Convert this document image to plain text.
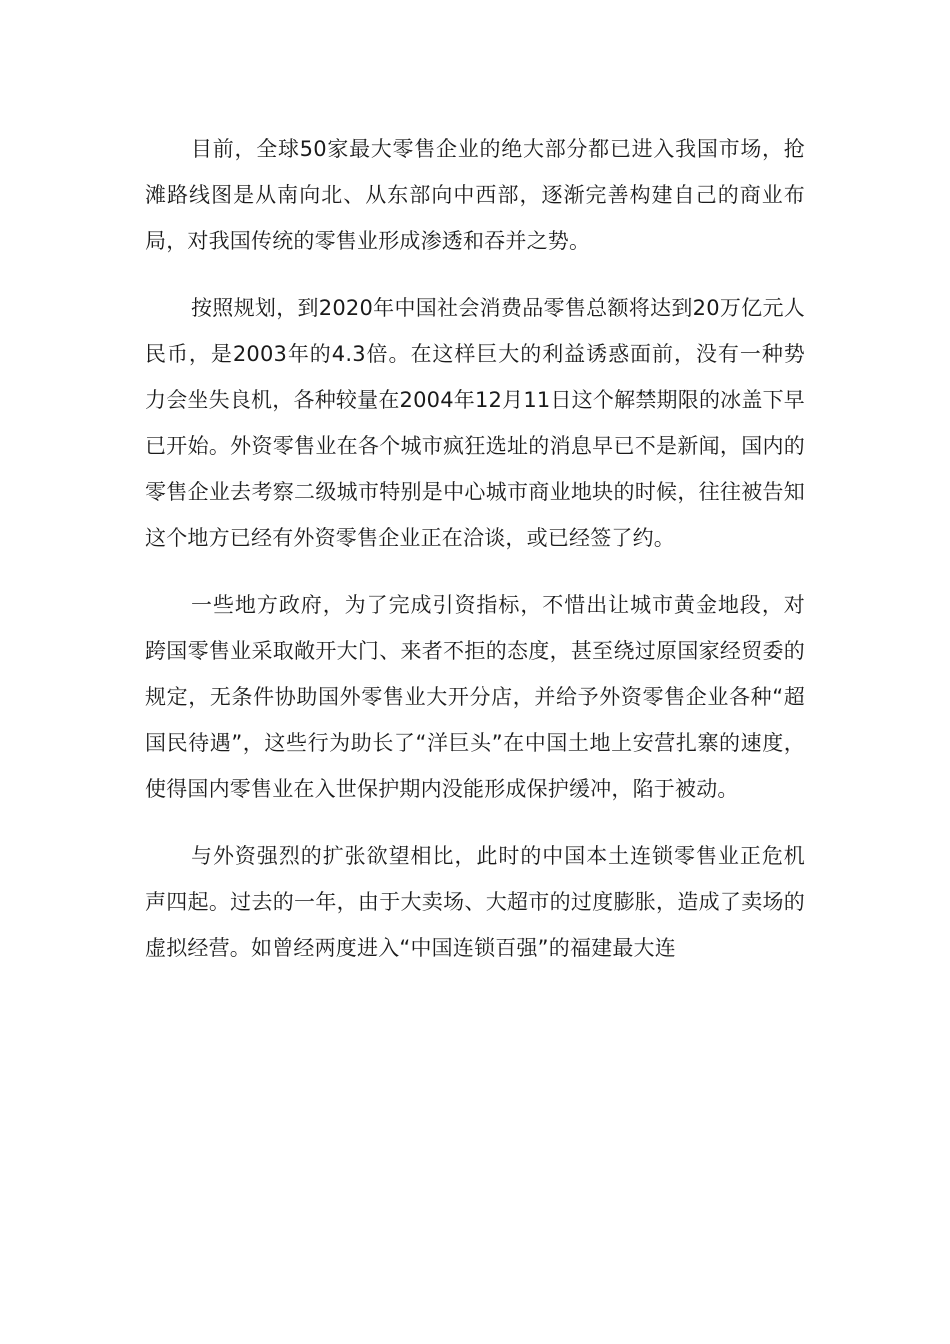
目前，全球50家最大零售企业的绝大部分都已进入我国市场，抢滩路线图是从南向北、从东部向中西部，逐渐完善构建自己的商业布局，对我国传统的零售业形成渗透和吞并之势。

按照规划，到2020年中国社会消费品零售总额将达到20万亿元人民币，是2003年的4.3倍。在这样巨大的利益诱惑面前，没有一种势力会坐失良机，各种较量在2004年12月11日这个解禁期限的冰盖下早已开始。外资零售业在各个城市疯狂选址的消息早已不是新闻，国内的零售企业去考察二级城市特别是中心城市商业地块的时候，往往被告知这个地方已经有外资零售企业正在洽谈，或已经签了约。

一些地方政府，为了完成引资指标，不惜出让城市黄金地段，对跨国零售业采取敞开大门、来者不拒的态度，甚至绕过原国家经贸委的规定，无条件协助国外零售业大开分店，并给予外资零售企业各种“超国民待遇”，这些行为助长了“洋巨头”在中国土地上安营扎寨的速度，使得国内零售业在入世保护期内没能形成保护缓冲，陷于被动。

与外资强烈的扩张欲望相比，此时的中国本土连锁零售业正危机声四起。过去的一年，由于大卖场、大超市的过度膨胀，造成了卖场的虚拟经营。如曾经两度进入“中国连锁百强”的福建最大连
